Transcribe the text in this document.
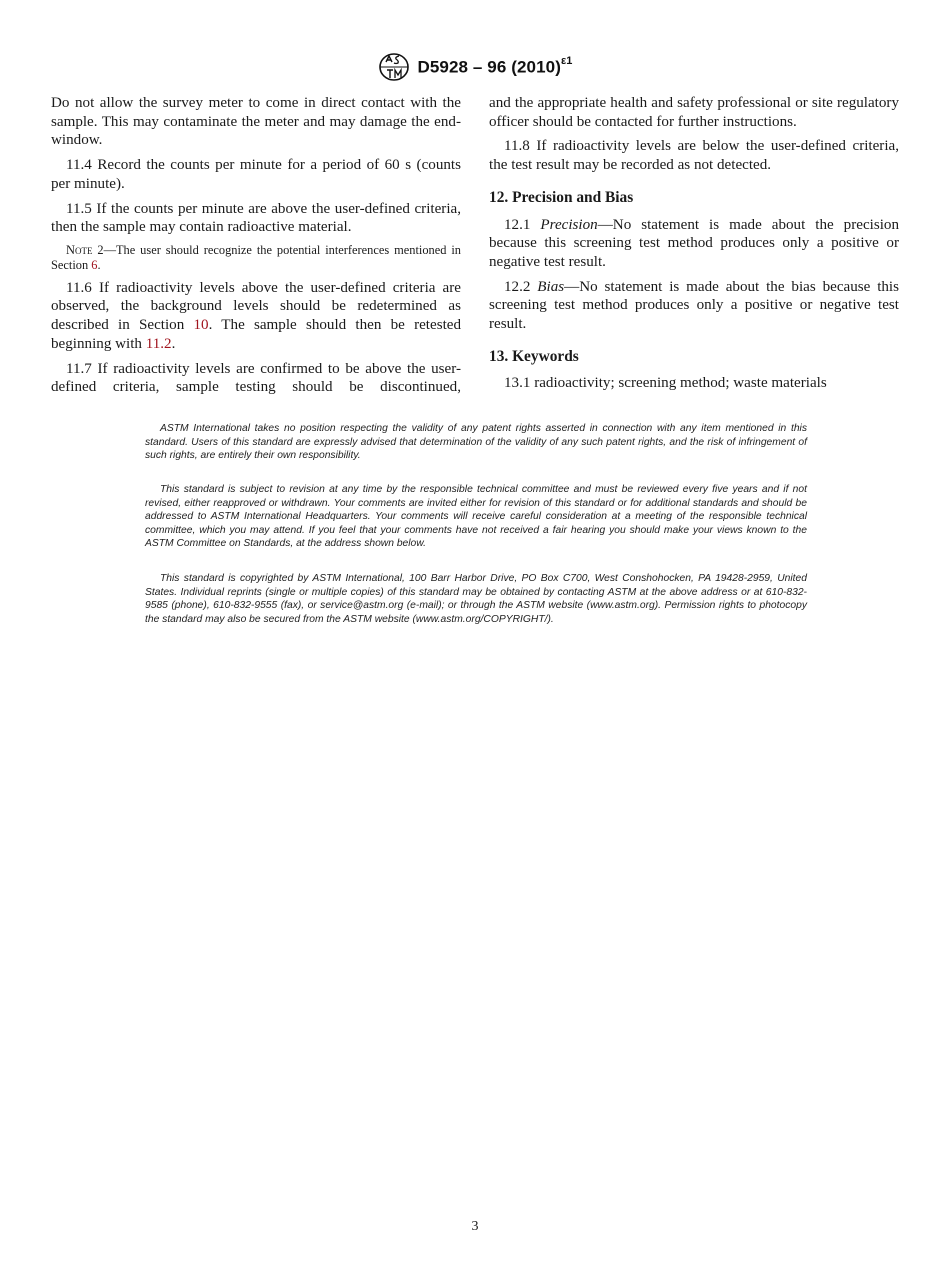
D5928 – 96 $(2010)^{\varepsilon 1}$

Do not allow the survey meter to come in direct contact with the sample. This may contaminate the meter and may damage the end-window.

11.4 Record the counts per minute for a period of 60 s (counts per minute).

11.5 If the counts per minute are above the user-defined criteria, then the sample may contain radioactive material.

Note 2—The user should recognize the potential interferences mentioned in Section 6.

11.6 If radioactivity levels above the user-defined criteria are observed, the background levels should be redetermined as described in Section 10. The sample should then be retested beginning with 11.2.

11.7 If radioactivity levels are confirmed to be above the user-defined criteria, sample testing should be discontinued,

and the appropriate health and safety professional or site regulatory officer should be contacted for further instructions.

11.8 If radioactivity levels are below the user-defined criteria, the test result may be recorded as not detected.

12. Precision and Bias

12.1 Precision—No statement is made about the precision because this screening test method produces only a positive or negative test result.

12.2 Bias—No statement is made about the bias because this screening test method produces only a positive or negative test result.

13. Keywords

13.1 radioactivity; screening method; waste materials

ASTM International takes no position respecting the validity of any patent rights asserted in connection with any item mentioned in this standard. Users of this standard are expressly advised that determination of the validity of any such patent rights, and the risk of infringement of such rights, are entirely their own responsibility.

This standard is subject to revision at any time by the responsible technical committee and must be reviewed every five years and if not revised, either reapproved or withdrawn. Your comments are invited either for revision of this standard or for additional standards and should be addressed to ASTM International Headquarters. Your comments will receive careful consideration at a meeting of the responsible technical committee, which you may attend. If you feel that your comments have not received a fair hearing you should make your views known to the ASTM Committee on Standards, at the address shown below.

This standard is copyrighted by ASTM International, 100 Barr Harbor Drive, PO Box C700, West Conshohocken, PA 19428-2959, United States. Individual reprints (single or multiple copies) of this standard may be obtained by contacting ASTM at the above address or at 610-832-9585 (phone), 610-832-9555 (fax), or service@astm.org (e-mail); or through the ASTM website (www.astm.org). Permission rights to photocopy the standard may also be secured from the ASTM website (www.astm.org/COPYRIGHT/).

3
